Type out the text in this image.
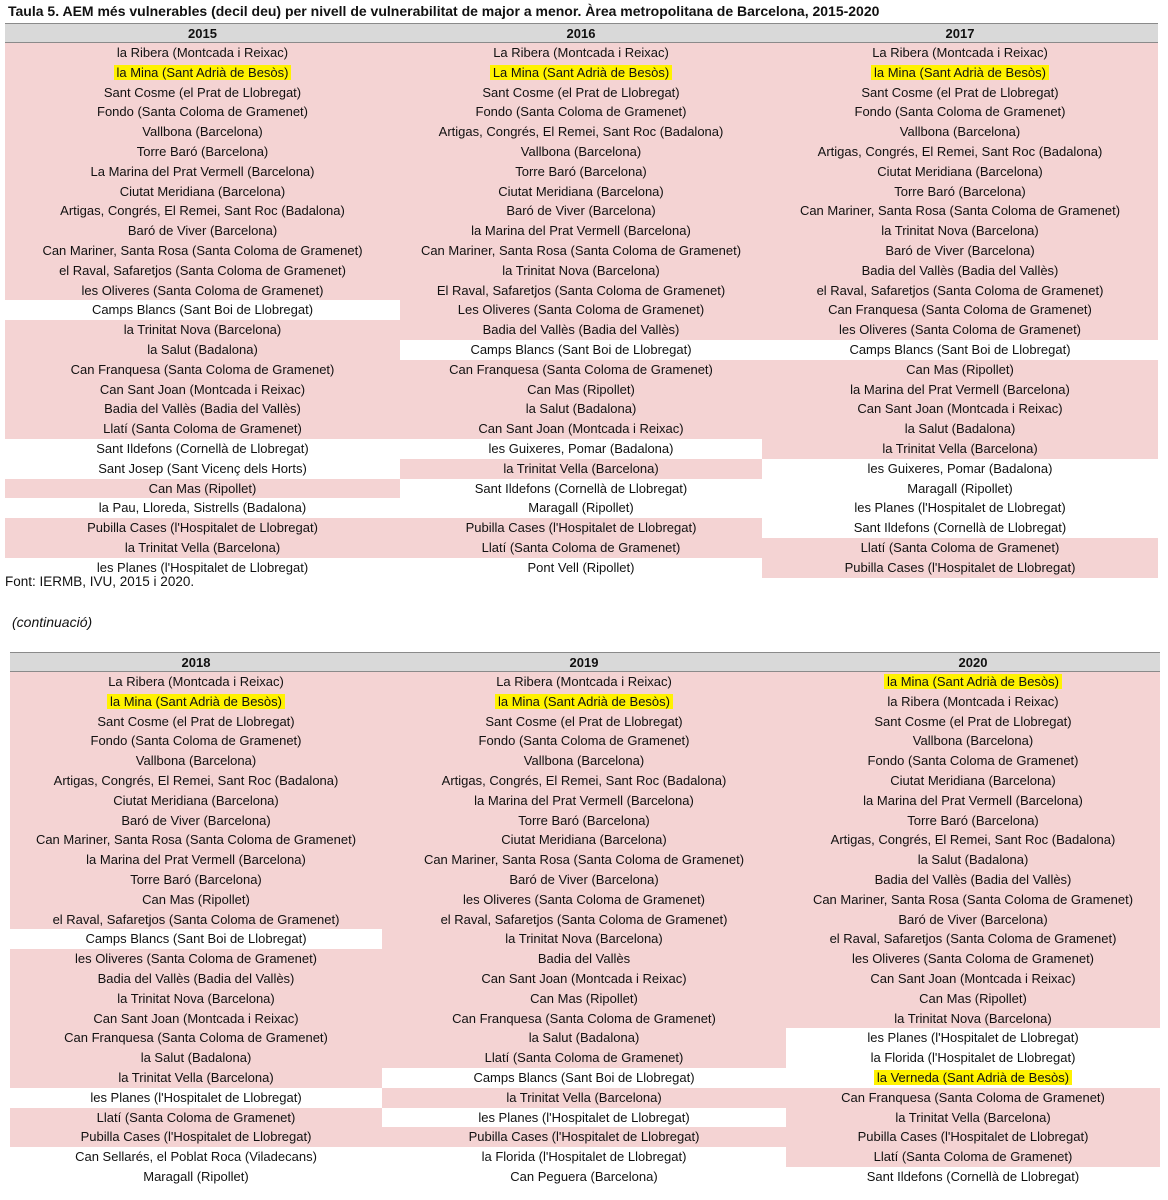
Taula 5. AEM més vulnerables (decil deu) per nivell de vulnerabilitat de major a menor. Àrea metropolitana de Barcelona, 2015-2020
2015
la Ribera (Montcada i Reixac)
la Mina (Sant Adrià de Besòs)
Sant Cosme (el Prat de Llobregat)
Fondo (Santa Coloma de Gramenet)
Vallbona (Barcelona)
Torre Baró (Barcelona)
La Marina del Prat Vermell (Barcelona)
Ciutat Meridiana (Barcelona)
Artigas, Congrés, El Remei, Sant Roc (Badalona)
Baró de Viver (Barcelona)
Can Mariner, Santa Rosa (Santa Coloma de Gramenet)
el Raval, Safaretjos (Santa Coloma de Gramenet)
les Oliveres (Santa Coloma de Gramenet)
Camps Blancs (Sant Boi de Llobregat)
la Trinitat Nova (Barcelona)
la Salut (Badalona)
Can Franquesa (Santa Coloma de Gramenet)
Can Sant Joan (Montcada i Reixac)
Badia del Vallès (Badia del Vallès)
Llatí (Santa Coloma de Gramenet)
Sant Ildefons (Cornellà de Llobregat)
Sant Josep (Sant Vicenç dels Horts)
Can Mas (Ripollet)
la Pau, Lloreda, Sistrells (Badalona)
Pubilla Cases (l'Hospitalet de Llobregat)
la Trinitat Vella (Barcelona)
les Planes (l'Hospitalet de Llobregat)
2016
La Ribera (Montcada i Reixac)
La Mina (Sant Adrià de Besòs)
Sant Cosme (el Prat de Llobregat)
Fondo (Santa Coloma de Gramenet)
Artigas, Congrés, El Remei, Sant Roc (Badalona)
Vallbona (Barcelona)
Torre Baró (Barcelona)
Ciutat Meridiana (Barcelona)
Baró de Viver (Barcelona)
la Marina del Prat Vermell (Barcelona)
Can Mariner, Santa Rosa (Santa Coloma de Gramenet)
la Trinitat Nova (Barcelona)
El Raval, Safaretjos (Santa Coloma de Gramenet)
Les Oliveres (Santa Coloma de Gramenet)
Badia del Vallès (Badia del Vallès)
Camps Blancs (Sant Boi de Llobregat)
Can Franquesa (Santa Coloma de Gramenet)
Can Mas (Ripollet)
la Salut (Badalona)
Can Sant Joan (Montcada i Reixac)
les Guixeres, Pomar (Badalona)
la Trinitat Vella (Barcelona)
Sant Ildefons (Cornellà de Llobregat)
Maragall (Ripollet)
Pubilla Cases (l'Hospitalet de Llobregat)
Llatí (Santa Coloma de Gramenet)
Pont Vell (Ripollet)
2017
La Ribera (Montcada i Reixac)
la Mina (Sant Adrià de Besòs)
Sant Cosme (el Prat de Llobregat)
Fondo (Santa Coloma de Gramenet)
Vallbona (Barcelona)
Artigas, Congrés, El Remei, Sant Roc (Badalona)
Ciutat Meridiana (Barcelona)
Torre Baró (Barcelona)
Can Mariner, Santa Rosa (Santa Coloma de Gramenet)
la Trinitat Nova (Barcelona)
Baró de Viver (Barcelona)
Badia del Vallès (Badia del Vallès)
el Raval, Safaretjos (Santa Coloma de Gramenet)
Can Franquesa (Santa Coloma de Gramenet)
les Oliveres (Santa Coloma de Gramenet)
Camps Blancs (Sant Boi de Llobregat)
Can Mas (Ripollet)
la Marina del Prat Vermell (Barcelona)
Can Sant Joan (Montcada i Reixac)
la Salut (Badalona)
la Trinitat Vella (Barcelona)
les Guixeres, Pomar (Badalona)
Maragall (Ripollet)
les Planes (l'Hospitalet de Llobregat)
Sant Ildefons (Cornellà de Llobregat)
Llatí (Santa Coloma de Gramenet)
Pubilla Cases (l'Hospitalet de Llobregat)
Font: IERMB, IVU, 2015 i 2020.
(continuació)
2018
La Ribera (Montcada i Reixac)
la Mina (Sant Adrià de Besòs)
Sant Cosme (el Prat de Llobregat)
Fondo (Santa Coloma de Gramenet)
Vallbona (Barcelona)
Artigas, Congrés, El Remei, Sant Roc (Badalona)
Ciutat Meridiana (Barcelona)
Baró de Viver (Barcelona)
Can Mariner, Santa Rosa (Santa Coloma de Gramenet)
la Marina del Prat Vermell (Barcelona)
Torre Baró (Barcelona)
Can Mas (Ripollet)
el Raval, Safaretjos (Santa Coloma de Gramenet)
Camps Blancs (Sant Boi de Llobregat)
les Oliveres (Santa Coloma de Gramenet)
Badia del Vallès (Badia del Vallès)
la Trinitat Nova (Barcelona)
Can Sant Joan (Montcada i Reixac)
Can Franquesa (Santa Coloma de Gramenet)
la Salut (Badalona)
la Trinitat Vella (Barcelona)
les Planes (l'Hospitalet de Llobregat)
Llatí (Santa Coloma de Gramenet)
Pubilla Cases (l'Hospitalet de Llobregat)
Can Sellarés, el Poblat Roca (Viladecans)
Maragall (Ripollet)
2019
La Ribera (Montcada i Reixac)
la Mina (Sant Adrià de Besòs)
Sant Cosme (el Prat de Llobregat)
Fondo (Santa Coloma de Gramenet)
Vallbona (Barcelona)
Artigas, Congrés, El Remei, Sant Roc (Badalona)
la Marina del Prat Vermell (Barcelona)
Torre Baró (Barcelona)
Ciutat Meridiana (Barcelona)
Can Mariner, Santa Rosa (Santa Coloma de Gramenet)
Baró de Viver (Barcelona)
les Oliveres (Santa Coloma de Gramenet)
el Raval, Safaretjos (Santa Coloma de Gramenet)
la Trinitat Nova (Barcelona)
Badia del Vallès
Can Sant Joan (Montcada i Reixac)
Can Mas (Ripollet)
Can Franquesa (Santa Coloma de Gramenet)
la Salut (Badalona)
Llatí (Santa Coloma de Gramenet)
Camps Blancs (Sant Boi de Llobregat)
la Trinitat Vella (Barcelona)
les Planes (l'Hospitalet de Llobregat)
Pubilla Cases (l'Hospitalet de Llobregat)
la Florida (l'Hospitalet de Llobregat)
Can Peguera (Barcelona)
2020
la Mina (Sant Adrià de Besòs)
la Ribera (Montcada i Reixac)
Sant Cosme (el Prat de Llobregat)
Vallbona (Barcelona)
Fondo (Santa Coloma de Gramenet)
Ciutat Meridiana (Barcelona)
la Marina del Prat Vermell (Barcelona)
Torre Baró (Barcelona)
Artigas, Congrés, El Remei, Sant Roc (Badalona)
la Salut (Badalona)
Badia del Vallès (Badia del Vallès)
Can Mariner, Santa Rosa (Santa Coloma de Gramenet)
Baró de Viver (Barcelona)
el Raval, Safaretjos (Santa Coloma de Gramenet)
les Oliveres (Santa Coloma de Gramenet)
Can Sant Joan (Montcada i Reixac)
Can Mas (Ripollet)
la Trinitat Nova (Barcelona)
les Planes (l'Hospitalet de Llobregat)
la Florida (l'Hospitalet de Llobregat)
la Verneda (Sant Adrià de Besòs)
Can Franquesa (Santa Coloma de Gramenet)
la Trinitat Vella (Barcelona)
Pubilla Cases (l'Hospitalet de Llobregat)
Llatí (Santa Coloma de Gramenet)
Sant Ildefons (Cornellà de Llobregat)
